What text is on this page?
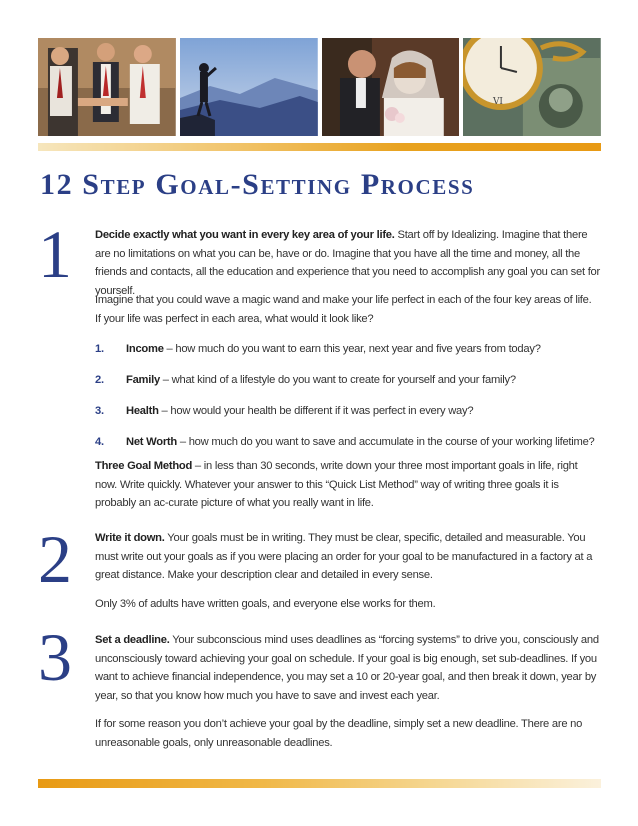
VI
12 Step Goal-Setting Process
1	Decide exactly what you want in every key area of your life. Start off by Idealizing. Imagine that there are no limitations on what you can be, have or do. Imagine that you have all the time and money, all the friends and contacts, all the education and experience that you need to accomplish any goal you can set for yourself.

Imagine that you could wave a magic wand and make your life perfect in each of the four key areas of life. If your life was perfect in each area, what would it look like?

1. Income – how much do you want to earn this year, next year and five years from today?
2. Family – what kind of a lifestyle do you want to create for yourself and your family?
3. Health – how would your health be different if it was perfect in every way?
4. Net Worth – how much do you want to save and accumulate in the course of your working lifetime?

Three Goal Method – in less than 30 seconds, write down your three most important goals in life, right now. Write quickly. Whatever your answer to this “Quick List Method” way of writing three goals it is probably an ac-curate picture of what you really want in life.

2	Write it down. Your goals must be in writing. They must be clear, specific, detailed and measurable. You must write out your goals as if you were placing an order for your goal to be manufactured in a factory at a great distance. Make your description clear and detailed in every sense.

Only 3% of adults have written goals, and everyone else works for them.

3	Set a deadline. Your subconscious mind uses deadlines as “forcing systems” to drive you, consciously and unconsciously toward achieving your goal on schedule. If your goal is big enough, set sub-deadlines. If you want to achieve financial independence, you may set a 10 or 20-year goal, and then break it down, year by year, so that you know how much you have to save and invest each year.

If for some reason you don’t achieve your goal by the deadline, simply set a new deadline. There are no unreasonable goals, only unreasonable deadlines.
